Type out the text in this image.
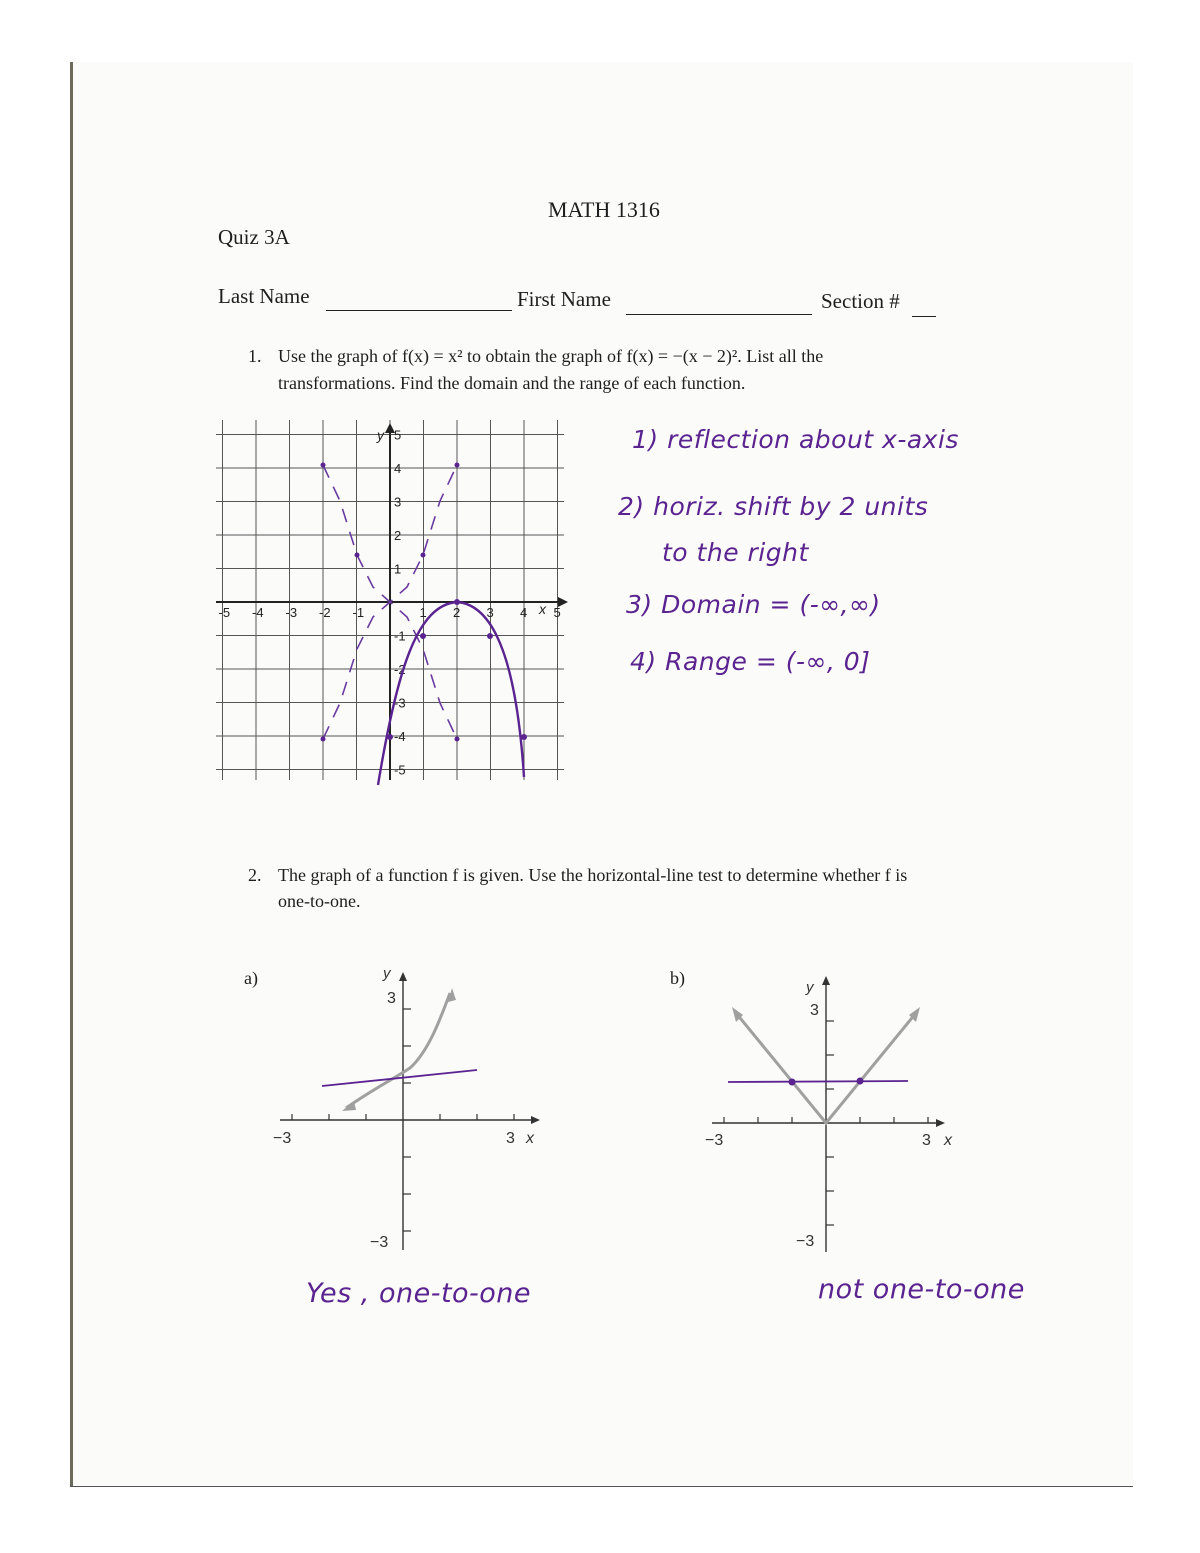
MATH 1316
Quiz 3A
Last Name	First Name	Section #
1. Use the graph of f(x) = x² to obtain the graph of f(x) = −(x − 2)². List all the
transformations. Find the domain and the range of each function.
y
x
-5 -4 -3 -2 -1	1 2 3 4 5
5
4
3
2
1
-1
-2
-3
-4
-5
1) reflection about x-axis
2) horiz. shift by 2 units
to the right
3) Domain = (-∞,∞)
4) Range = (-∞, 0]
2. The graph of a function f is given. Use the horizontal-line test to determine whether f is
one-to-one.
a)	b)
y
3
−3	3 x
−3
Yes , one-to-one
y
3
−3	3 x
−3
not one-to-one
